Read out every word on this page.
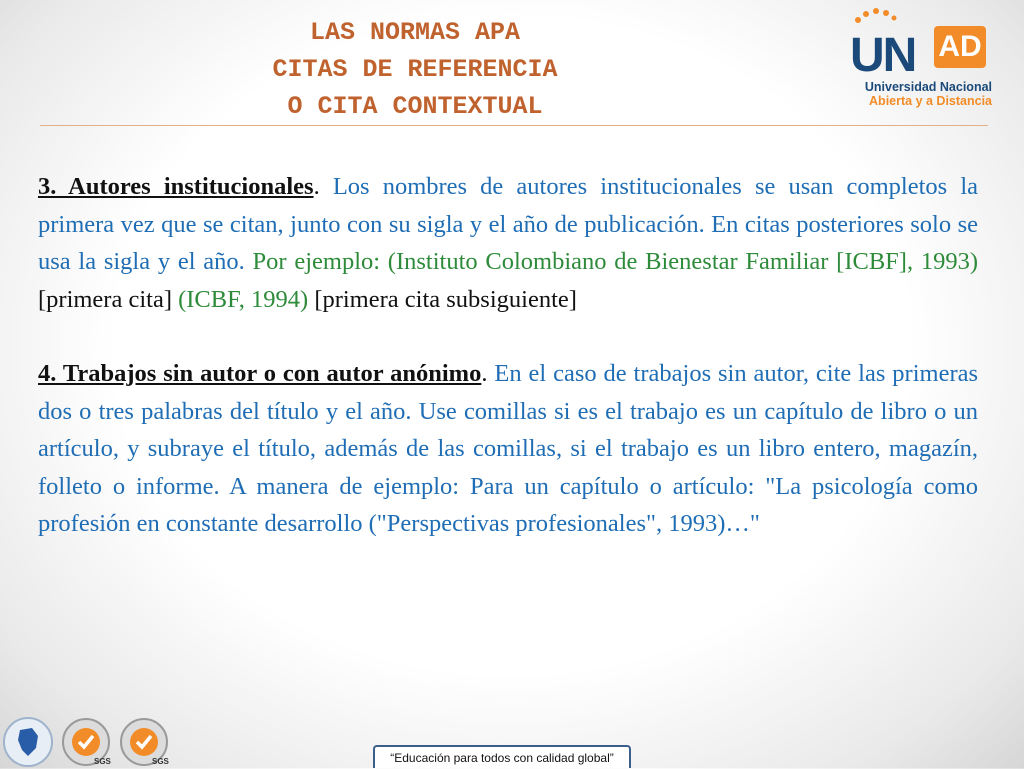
LAS NORMAS APA
CITAS DE REFERENCIA
O CITA CONTEXTUAL
UN AD
Universidad Nacional
Abierta y a Distancia

3. Autores institucionales. Los nombres de autores institucionales se usan completos la primera vez que se citan, junto con su sigla y el año de publicación. En citas posteriores solo se usa la sigla y el año. Por ejemplo: (Instituto Colombiano de Bienestar Familiar [ICBF], 1993) [primera cita] (ICBF, 1994) [primera cita subsiguiente]

4. Trabajos sin autor o con autor anónimo. En el caso de trabajos sin autor, cite las primeras dos o tres palabras del título y el año. Use comillas si es el trabajo es un capítulo de libro o un artículo, y subraye el título, además de las comillas, si el trabajo es un libro entero, magazín, folleto o informe. A manera de ejemplo: Para un capítulo o artículo: "La psicología como profesión en constante desarrollo ("Perspectivas profesionales", 1993)…"

SGS	SGS	“Educación para todos con calidad global”
